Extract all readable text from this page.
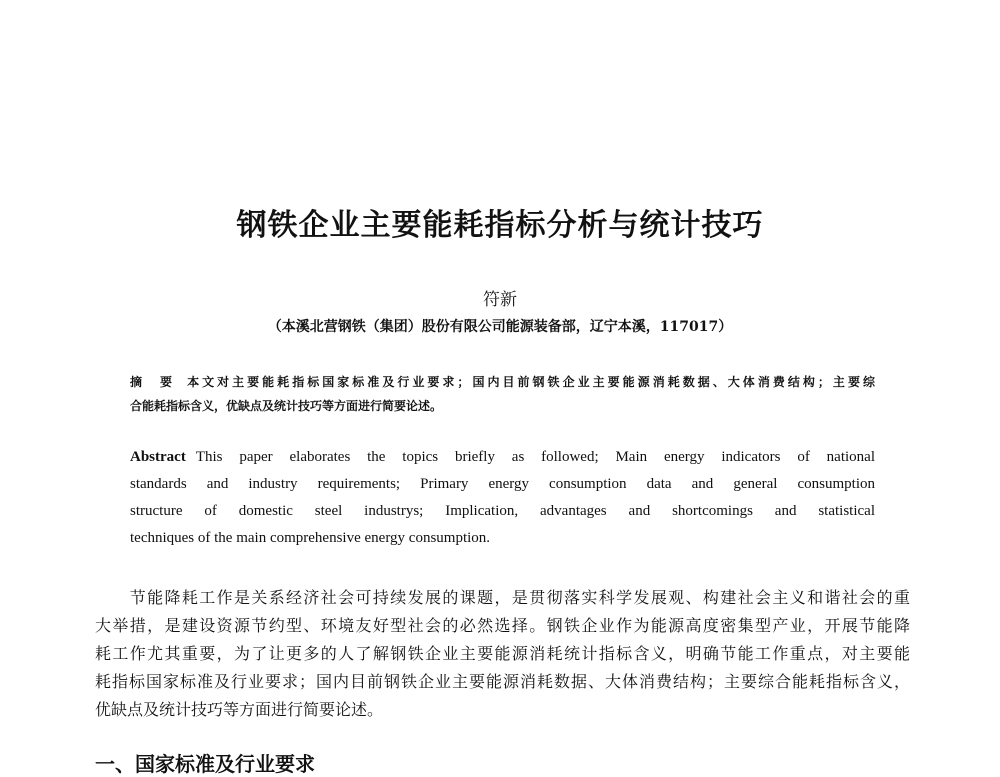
钢铁企业主要能耗指标分析与统计技巧
符新
（本溪北营钢铁（集团）股份有限公司能源装备部，辽宁本溪，117017）
摘　要 本文对主要能耗指标国家标准及行业要求；国内目前钢铁企业主要能源消耗数据、大体消费结构；主要综
合能耗指标含义，优缺点及统计技巧等方面进行简要论述。
Abstract This paper elaborates the topics briefly as followed; Main energy indicators of national
standards and industry requirements; Primary energy consumption data and general consumption
structure of domestic steel industrys; Implication, advantages and shortcomings and statistical
techniques of the main comprehensive energy consumption.
　　节能降耗工作是关系经济社会可持续发展的课题，是贯彻落实科学发展观、构建社会主义和谐社会的重
大举措，是建设资源节约型、环境友好型社会的必然选择。钢铁企业作为能源高度密集型产业，开展节能降
耗工作尤其重要，为了让更多的人了解钢铁企业主要能源消耗统计指标含义，明确节能工作重点，对主要能
耗指标国家标准及行业要求；国内目前钢铁企业主要能源消耗数据、大体消费结构；主要综合能耗指标含义，
优缺点及统计技巧等方面进行简要论述。
一、国家标准及行业要求
